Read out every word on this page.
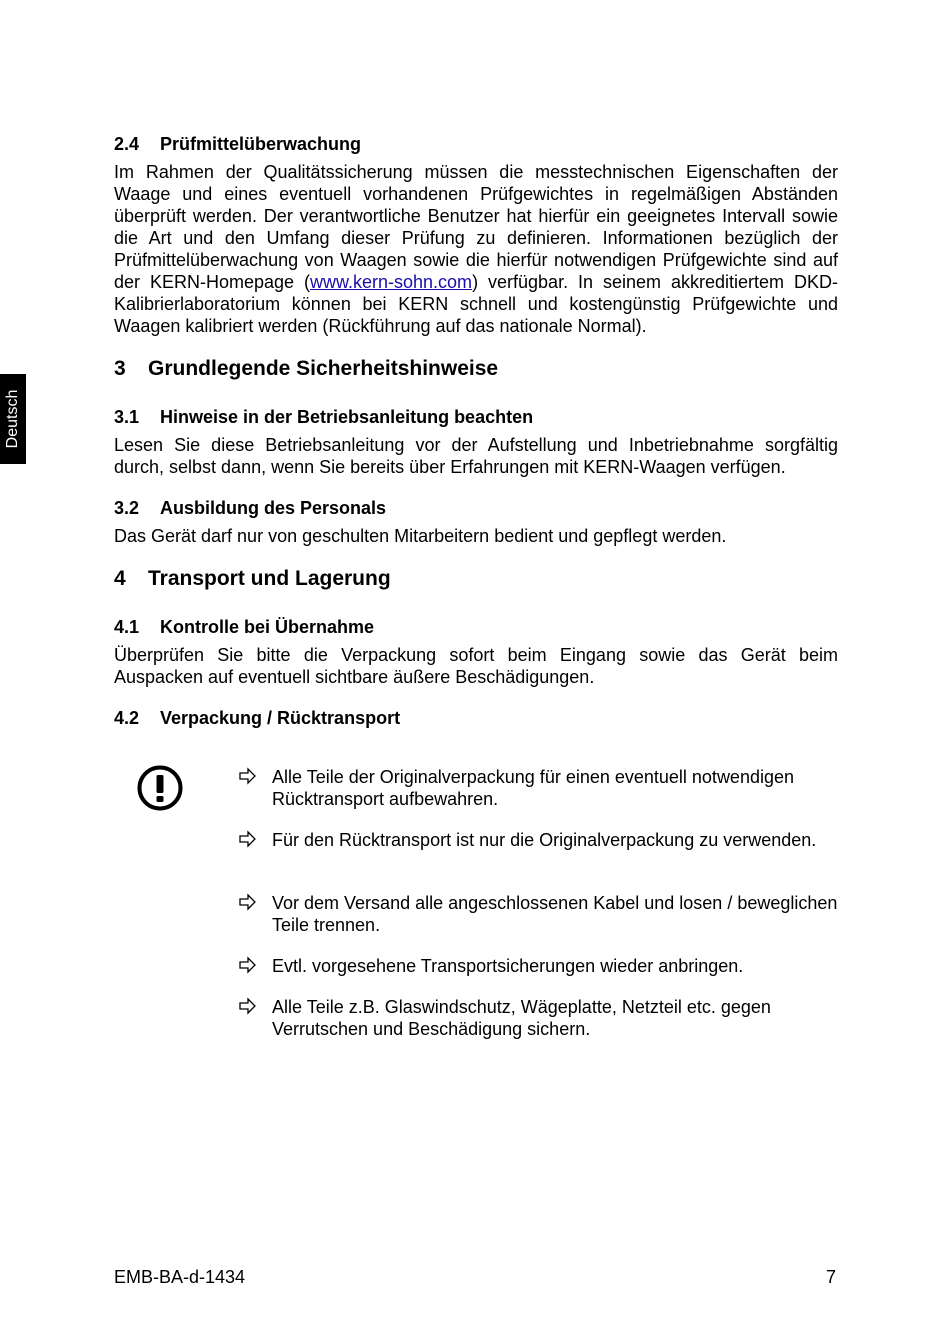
Deutsch
2.4 Prüfmittelüberwachung
Im Rahmen der Qualitätssicherung müssen die messtechnischen Eigenschaften der Waage und eines eventuell vorhandenen Prüfgewichtes in regelmäßigen Abständen überprüft werden. Der verantwortliche Benutzer hat hierfür ein geeignetes Intervall sowie die Art und den Umfang dieser Prüfung zu definieren. Informationen bezüglich der Prüfmittelüberwachung von Waagen sowie die hierfür notwendigen Prüfgewichte sind auf der KERN-Homepage (www.kern-sohn.com) verfügbar. In seinem akkreditiertem DKD-Kalibrierlaboratorium können bei KERN schnell und kostengünstig Prüfgewichte und Waagen kalibriert werden (Rückführung auf das nationale Normal).
3 Grundlegende Sicherheitshinweise
3.1 Hinweise in der Betriebsanleitung beachten
Lesen Sie diese Betriebsanleitung vor der Aufstellung und Inbetriebnahme sorgfältig durch, selbst dann, wenn Sie bereits über Erfahrungen mit KERN-Waagen verfügen.
3.2 Ausbildung des Personals
Das Gerät darf nur von geschulten Mitarbeitern bedient und gepflegt werden.
4 Transport und Lagerung
4.1 Kontrolle bei Übernahme
Überprüfen Sie bitte die Verpackung sofort beim Eingang sowie das Gerät beim Auspacken auf eventuell sichtbare äußere Beschädigungen.
4.2 Verpackung / Rücktransport
Alle Teile der Originalverpackung für einen eventuell notwendigen Rücktransport aufbewahren.
Für den Rücktransport ist nur die Originalverpackung zu verwenden.
Vor dem Versand alle angeschlossenen Kabel und losen / beweglichen Teile trennen.
Evtl. vorgesehene Transportsicherungen wieder anbringen.
Alle Teile z.B. Glaswindschutz, Wägeplatte, Netzteil etc. gegen Verrutschen und Beschädigung sichern.
EMB-BA-d-1434	7
